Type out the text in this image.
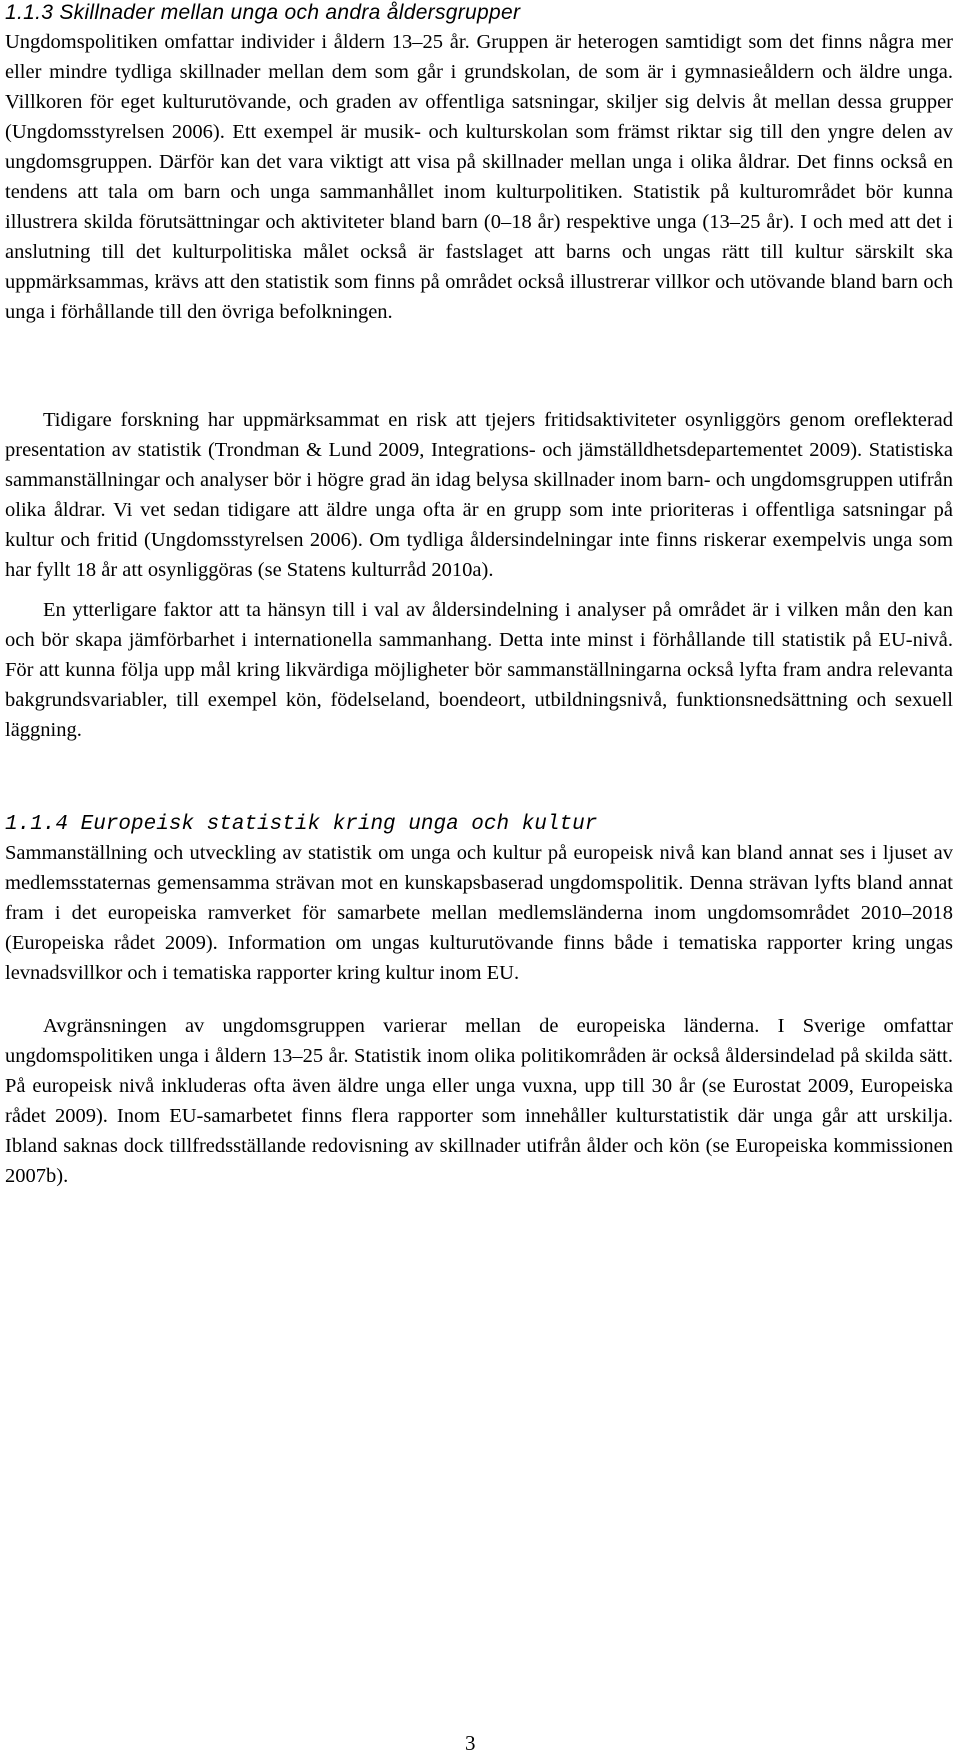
1.1.3 Skillnader mellan unga och andra åldersgrupper

Ungdomspolitiken omfattar individer i åldern 13–25 år. Gruppen är heterogen samtidigt som det finns några mer eller mindre tydliga skillnader mellan dem som går i grundskolan, de som är i gymnasieåldern och äldre unga. Villkoren för eget kulturutövande, och graden av offentliga satsningar, skiljer sig delvis åt mellan dessa grupper (Ungdomsstyrelsen 2006). Ett exempel är musik- och kulturskolan som främst riktar sig till den yngre delen av ungdomsgruppen. Därför kan det vara viktigt att visa på skillnader mellan unga i olika åldrar. Det finns också en tendens att tala om barn och unga sammanhållet inom kulturpolitiken. Statistik på kulturområdet bör kunna illustrera skilda förutsättningar och aktiviteter bland barn (0–18 år) respektive unga (13–25 år). I och med att det i anslutning till det kulturpolitiska målet också är fastslaget att barns och ungas rätt till kultur särskilt ska uppmärksammas, krävs att den statistik som finns på området också illustrerar villkor och utövande bland barn och unga i förhållande till den övriga befolkningen.

Tidigare forskning har uppmärksammat en risk att tjejers fritidsaktiviteter osynliggörs genom oreflekterad presentation av statistik (Trondman & Lund 2009, Integrations- och jämställdhetsdepartementet 2009). Statistiska sammanställningar och analyser bör i högre grad än idag belysa skillnader inom barn- och ungdomsgruppen utifrån olika åldrar. Vi vet sedan tidigare att äldre unga ofta är en grupp som inte prioriteras i offentliga satsningar på kultur och fritid (Ungdomsstyrelsen 2006). Om tydliga åldersindelningar inte finns riskerar exempelvis unga som har fyllt 18 år att osynliggöras (se Statens kulturråd 2010a).

En ytterligare faktor att ta hänsyn till i val av åldersindelning i analyser på området är i vilken mån den kan och bör skapa jämförbarhet i internationella sammanhang. Detta inte minst i förhållande till statistik på EU-nivå. För att kunna följa upp mål kring likvärdiga möjligheter bör sammanställningarna också lyfta fram andra relevanta bakgrundsvariabler, till exempel kön, födelseland, boendeort, utbildningsnivå, funktionsnedsättning och sexuell läggning.

1.1.4 Europeisk statistik kring unga och kultur

Sammanställning och utveckling av statistik om unga och kultur på europeisk nivå kan bland annat ses i ljuset av medlemsstaternas gemensamma strävan mot en kunskapsbaserad ungdomspolitik. Denna strävan lyfts bland annat fram i det europeiska ramverket för samarbete mellan medlemsländerna inom ungdomsområdet 2010–2018 (Europeiska rådet 2009). Information om ungas kulturutövande finns både i tematiska rapporter kring ungas levnadsvillkor och i tematiska rapporter kring kultur inom EU.

Avgränsningen av ungdomsgruppen varierar mellan de europeiska länderna. I Sverige omfattar ungdomspolitiken unga i åldern 13–25 år. Statistik inom olika politikområden är också åldersindelad på skilda sätt. På europeisk nivå inkluderas ofta även äldre unga eller unga vuxna, upp till 30 år (se Eurostat 2009, Europeiska rådet 2009). Inom EU-samarbetet finns flera rapporter som innehåller kulturstatistik där unga går att urskilja. Ibland saknas dock tillfredsställande redovisning av skillnader utifrån ålder och kön (se Europeiska kommissionen 2007b).

3
